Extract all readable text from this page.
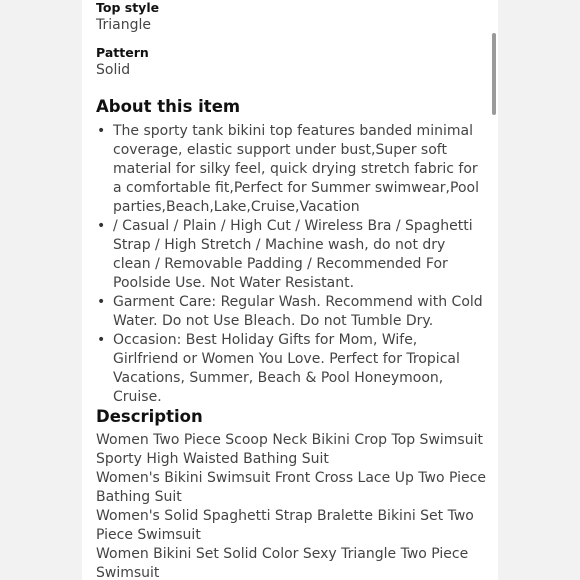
Top style
Triangle
Pattern
Solid
About this item
• The sporty tank bikini top features banded minimal coverage, elastic support under bust,Super soft material for silky feel, quick drying stretch fabric for a comfortable fit,Perfect for Summer swimwear,Pool parties,Beach,Lake,Cruise,Vacation
• / Casual / Plain / High Cut / Wireless Bra / Spaghetti Strap / High Stretch / Machine wash, do not dry clean / Removable Padding / Recommended For Poolside Use. Not Water Resistant.
• Garment Care: Regular Wash. Recommend with Cold Water. Do not Use Bleach. Do not Tumble Dry.
• Occasion: Best Holiday Gifts for Mom, Wife, Girlfriend or Women You Love. Perfect for Tropical Vacations, Summer, Beach & Pool Honeymoon, Cruise.
Description
Women Two Piece Scoop Neck Bikini Crop Top Swimsuit Sporty High Waisted Bathing Suit
Women's Bikini Swimsuit Front Cross Lace Up Two Piece Bathing Suit
Women's Solid Spaghetti Strap Bralette Bikini Set Two Piece Swimsuit
Women Bikini Set Solid Color Sexy Triangle Two Piece Swimsuit
